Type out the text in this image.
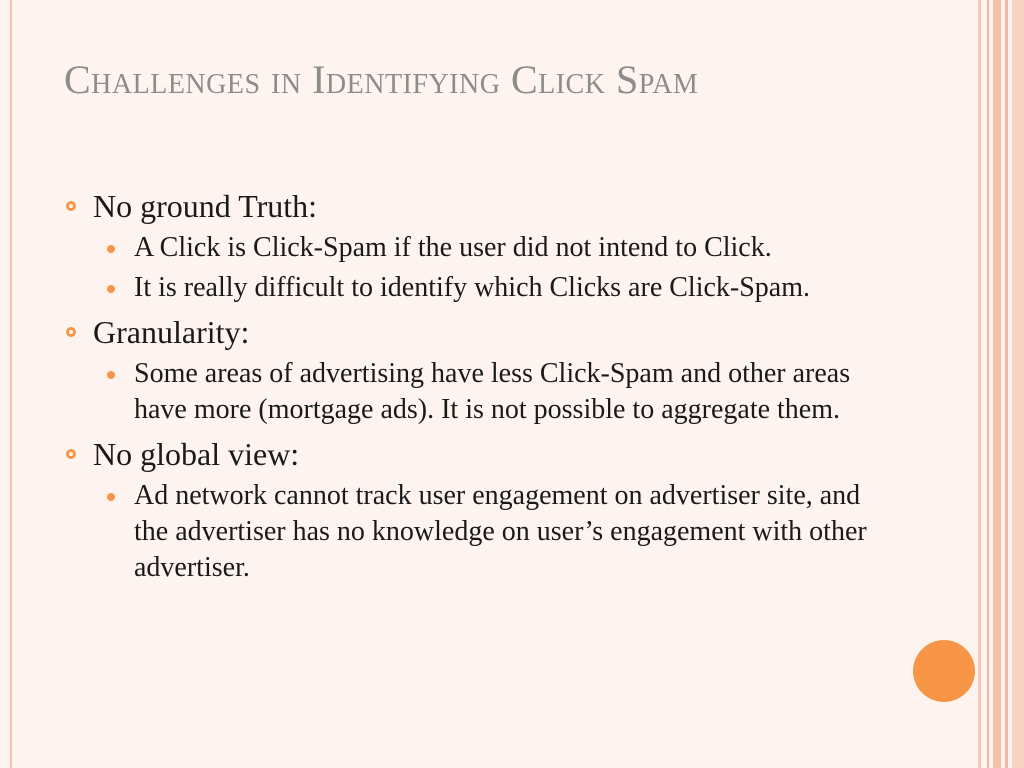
Challenges in Identifying Click Spam
No ground Truth:
A Click is Click-Spam if the user did not intend to Click.
It is really difficult to identify which Clicks are Click-Spam.
Granularity:
Some areas of advertising have less Click-Spam and other areas have more (mortgage ads). It is not possible to aggregate them.
No global view:
Ad network cannot track user engagement on advertiser site, and the advertiser has no knowledge on user’s engagement with other advertiser.
